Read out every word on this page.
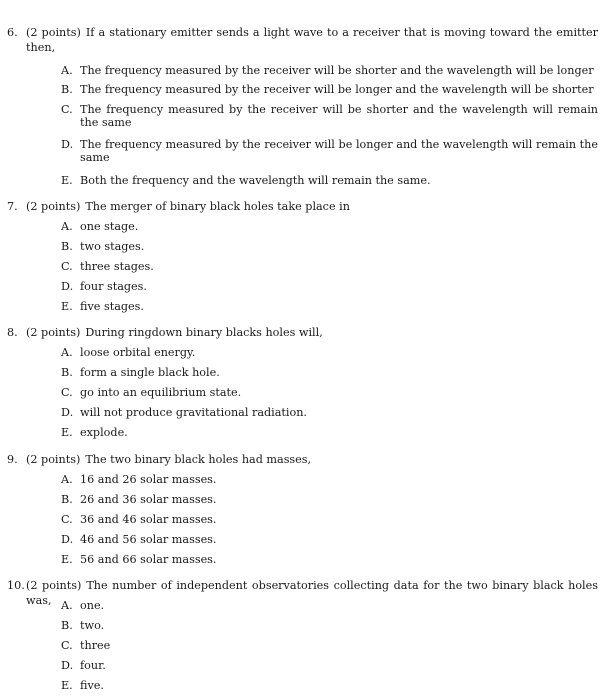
6. (2 points) If a stationary emitter sends a light wave to a receiver that is moving toward the emitter then,
A. The frequency measured by the receiver will be shorter and the wavelength will be longer
B. The frequency measured by the receiver will be longer and the wavelength will be shorter
C. The frequency measured by the receiver will be shorter and the wavelength will remain the same
D. The frequency measured by the receiver will be longer and the wavelength will remain the same
E. Both the frequency and the wavelength will remain the same.
7. (2 points) The merger of binary black holes take place in
A. one stage.
B. two stages.
C. three stages.
D. four stages.
E. five stages.
8. (2 points) During ringdown binary blacks holes will,
A. loose orbital energy.
B. form a single black hole.
C. go into an equilibrium state.
D. will not produce gravitational radiation.
E. explode.
9. (2 points) The two binary black holes had masses,
A. 16 and 26 solar masses.
B. 26 and 36 solar masses.
C. 36 and 46 solar masses.
D. 46 and 56 solar masses.
E. 56 and 66 solar masses.
10. (2 points) The number of independent observatories collecting data for the two binary black holes was, A. one.
B. two.
C. three
D. four.
E. five.
